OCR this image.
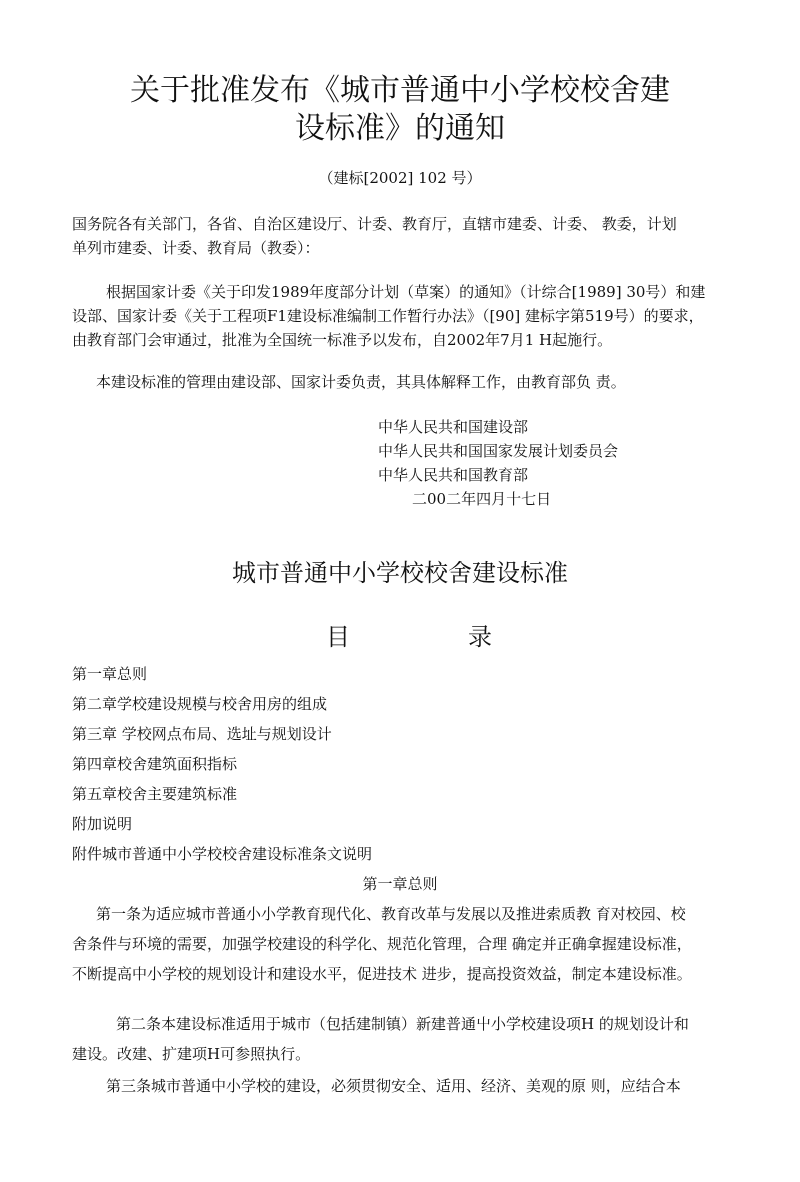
关于批准发布《城市普通中小学校校舍建
设标准》的通知
（建标[2002] 102 号）
国务院各有关部门，各省、自治区建设厅、计委、教育厅，直辖市建委、计委、 教委，计划
单列市建委、计委、教育局（教委）：
根据国家计委《关于印发1989年度部分计划（草案）的通知》（计综合[1989] 30号）和建
设部、国家计委《关于工程项F1建设标准编制工作暂行办法》（[90] 建标字第519号）的要求，
由教育部门会审通过，批准为全国统一标准予以发布，自2002年7月1 H起施行。
本建设标准的管理由建设部、国家计委负责，其具体解释工作，由教育部负 责。
中华人民共和国建设部
中华人民共和国国家发展计划委员会
中华人民共和国教育部
二00二年四月十七日
城市普通中小学校校舍建设标准
目	录
第一章总则
第二章学校建设规模与校舍用房的组成
第三章 学校网点布局、选址与规划设计
第四章校舍建筑面积指标
第五章校舍主要建筑标准
附加说明
附件城市普通中小学校校舍建设标准条文说明
第一章总则
第一条为适应城市普通小小学教育现代化、教育改革与发展以及推进索质教 育对校园、校
舍条件与环境的需要，加强学校建设的科学化、规范化管理，合理 确定并正确拿握建设标准，
不断提高中小学校的规划设计和建设水平，促进技术 进步，提高投资效益，制定本建设标准。
第二条本建设标准适用于城市（包括建制镇）新建普通屮小学校建设项H 的规划设计和
建设。改建、扩建项H可参照执行。
第三条城市普通中小学校的建设，必须贯彻安全、适用、经济、美观的原 则，应结合本
